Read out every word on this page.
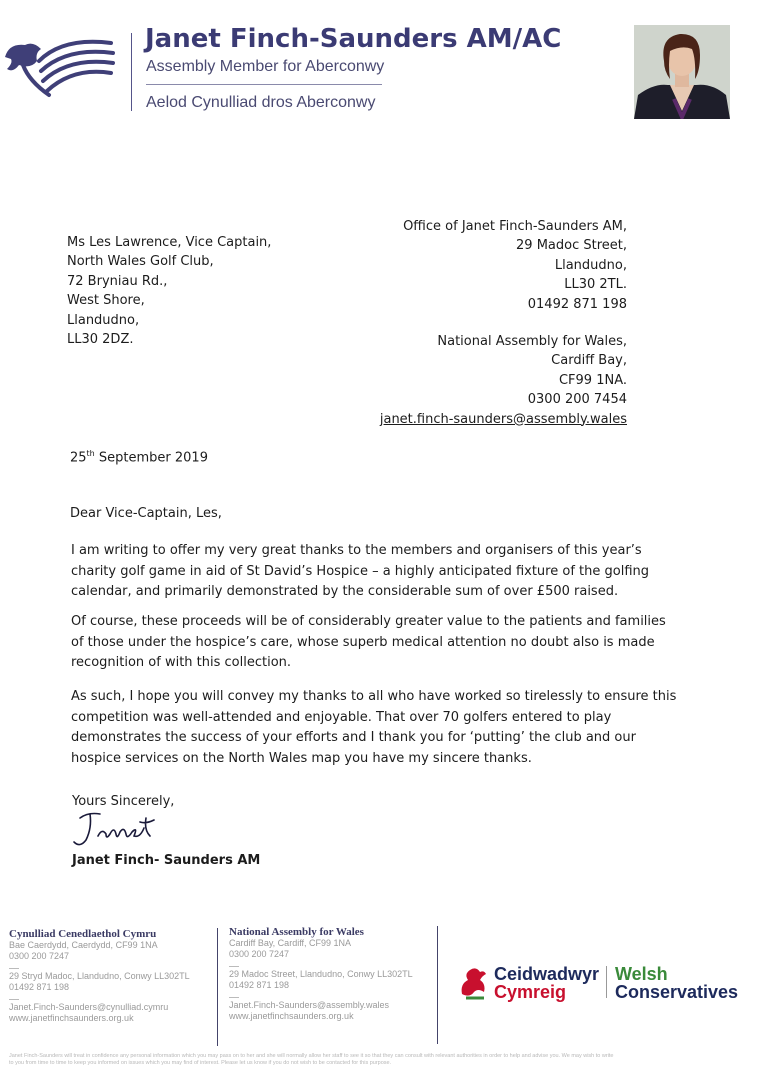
Janet Finch-Saunders AM/AC
Assembly Member for Aberconwy
Aelod Cynulliad dros Aberconwy
Office of Janet Finch-Saunders AM,
29 Madoc Street,
Llandudno,
LL30 2TL.
01492 871 198
National Assembly for Wales,
Cardiff Bay,
CF99 1NA.
0300 200 7454
janet.finch-saunders@assembly.wales
Ms Les Lawrence, Vice Captain,
North Wales Golf Club,
72 Bryniau Rd.,
West Shore,
Llandudno,
LL30 2DZ.
25th September 2019
Dear Vice-Captain, Les,
I am writing to offer my very great thanks to the members and organisers of this year’s
charity golf game in aid of St David’s Hospice – a highly anticipated fixture of the golfing
calendar, and primarily demonstrated by the considerable sum of over £500 raised.
Of course, these proceeds will be of considerably greater value to the patients and families
of those under the hospice’s care, whose superb medical attention no doubt also is made
recognition of with this collection.
As such, I hope you will convey my thanks to all who have worked so tirelessly to ensure this
competition was well-attended and enjoyable. That over 70 golfers entered to play
demonstrates the success of your efforts and I thank you for ‘putting’ the club and our
hospice services on the North Wales map you have my sincere thanks.
Yours Sincerely,
Janet Finch- Saunders AM
Cynulliad Cenedlaethol Cymru
Bae Caerdydd, Caerdydd, CF99 1NA
0300 200 7247
29 Stryd Madoc, Llandudno, Conwy LL302TL
01492 871 198
Janet.Finch-Saunders@cynulliad.cymru
www.janetfinchsaunders.org.uk
National Assembly for Wales
Cardiff Bay, Cardiff, CF99 1NA
0300 200 7247
29 Madoc Street, Llandudno, Conwy LL302TL
01492 871 198
Janet.Finch-Saunders@assembly.wales
www.janetfinchsaunders.org.uk
Ceidwadwyr
Cymreig
Welsh
Conservatives
Janet Finch-Saunders will treat in confidence any personal information which you may pass on to her and she will normally allow her staff to see it so that they can consult with relevant authorities in order to help and advise you. We may wish to write
to you from time to time to keep you informed on issues which you may find of interest. Please let us know if you do not wish to be contacted for this purpose.
